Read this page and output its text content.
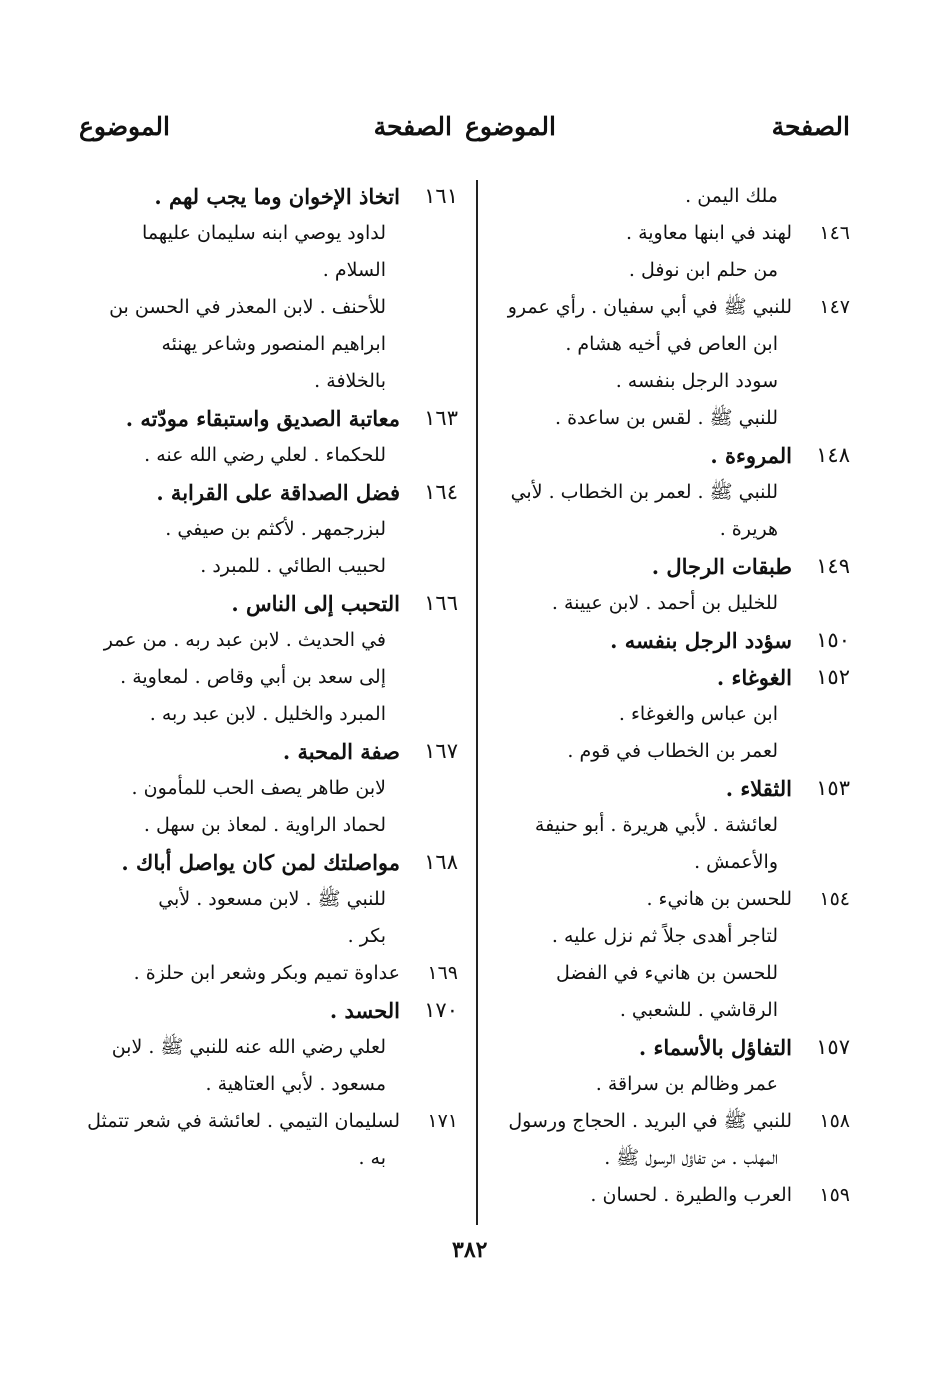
الصفحة
الموضوع
الصفحة
الموضوع
ملك اليمن .
١٤٦
لهند في ابنها معاوية .
من حلم ابن نوفل .
١٤٧
للنبي ﷺ في أبي سفيان . رأي عمرو
ابن العاص في أخيه هشام .
سودد الرجل بنفسه .
للنبي ﷺ . لقس بن ساعدة .
١٤٨
المروءة .
للنبي ﷺ . لعمر بن الخطاب . لأبي
هريرة .
١٤٩
طبقات الرجال .
للخليل بن أحمد . لابن عيينة .
١٥٠
سؤدد الرجل بنفسه .
١٥٢
الغوغاء .
ابن عباس والغوغاء .
لعمر بن الخطاب في قوم .
١٥٣
الثقلاء .
لعائشة . لأبي هريرة . أبو حنيفة
والأعمش .
١٥٤
للحسن بن هانيء .
لتاجر أهدى جلاً ثم نزل عليه .
للحسن بن هانيء في الفضل
الرقاشي . للشعبي .
١٥٧
التفاؤل بالأسماء .
عمر وظالم بن سراقة .
١٥٨
للنبي ﷺ في البريد . الحجاج ورسول
المهلب . من تفاؤل الرسول ﷺ .
١٥٩
العرب والطيرة . لحسان .
١٦١
اتخاذ الإخوان وما يجب لهم .
لداود يوصي ابنه سليمان عليهما
السلام .
للأحنف . لابن المعذر في الحسن بن
ابراهيم المنصور وشاعر يهنئه
بالخلافة .
١٦٣
معاتبة الصديق واستبقاء مودّته .
للحكماء . لعلي رضي الله عنه .
١٦٤
فضل الصداقة على القرابة .
لبزرجمهر . لأكثم بن صيفي .
لحبيب الطائي . للمبرد .
١٦٦
التحبب إلى الناس .
في الحديث . لابن عبد ربه . من عمر
إلى سعد بن أبي وقاص . لمعاوية .
المبرد والخليل . لابن عبد ربه .
١٦٧
صفة المحبة .
لابن طاهر يصف الحب للمأمون .
لحماد الراوية . لمعاذ بن سهل .
١٦٨
مواصلتك لمن كان يواصل أباك .
للنبي ﷺ . لابن مسعود . لأبي
بكر .
١٦٩
عداوة تميم وبكر وشعر ابن حلزة .
١٧٠
الحسد .
لعلي رضي الله عنه للنبي ﷺ . لابن
مسعود . لأبي العتاهية .
١٧١
لسليمان التيمي . لعائشة في شعر تتمثل
به .
٣٨٢
